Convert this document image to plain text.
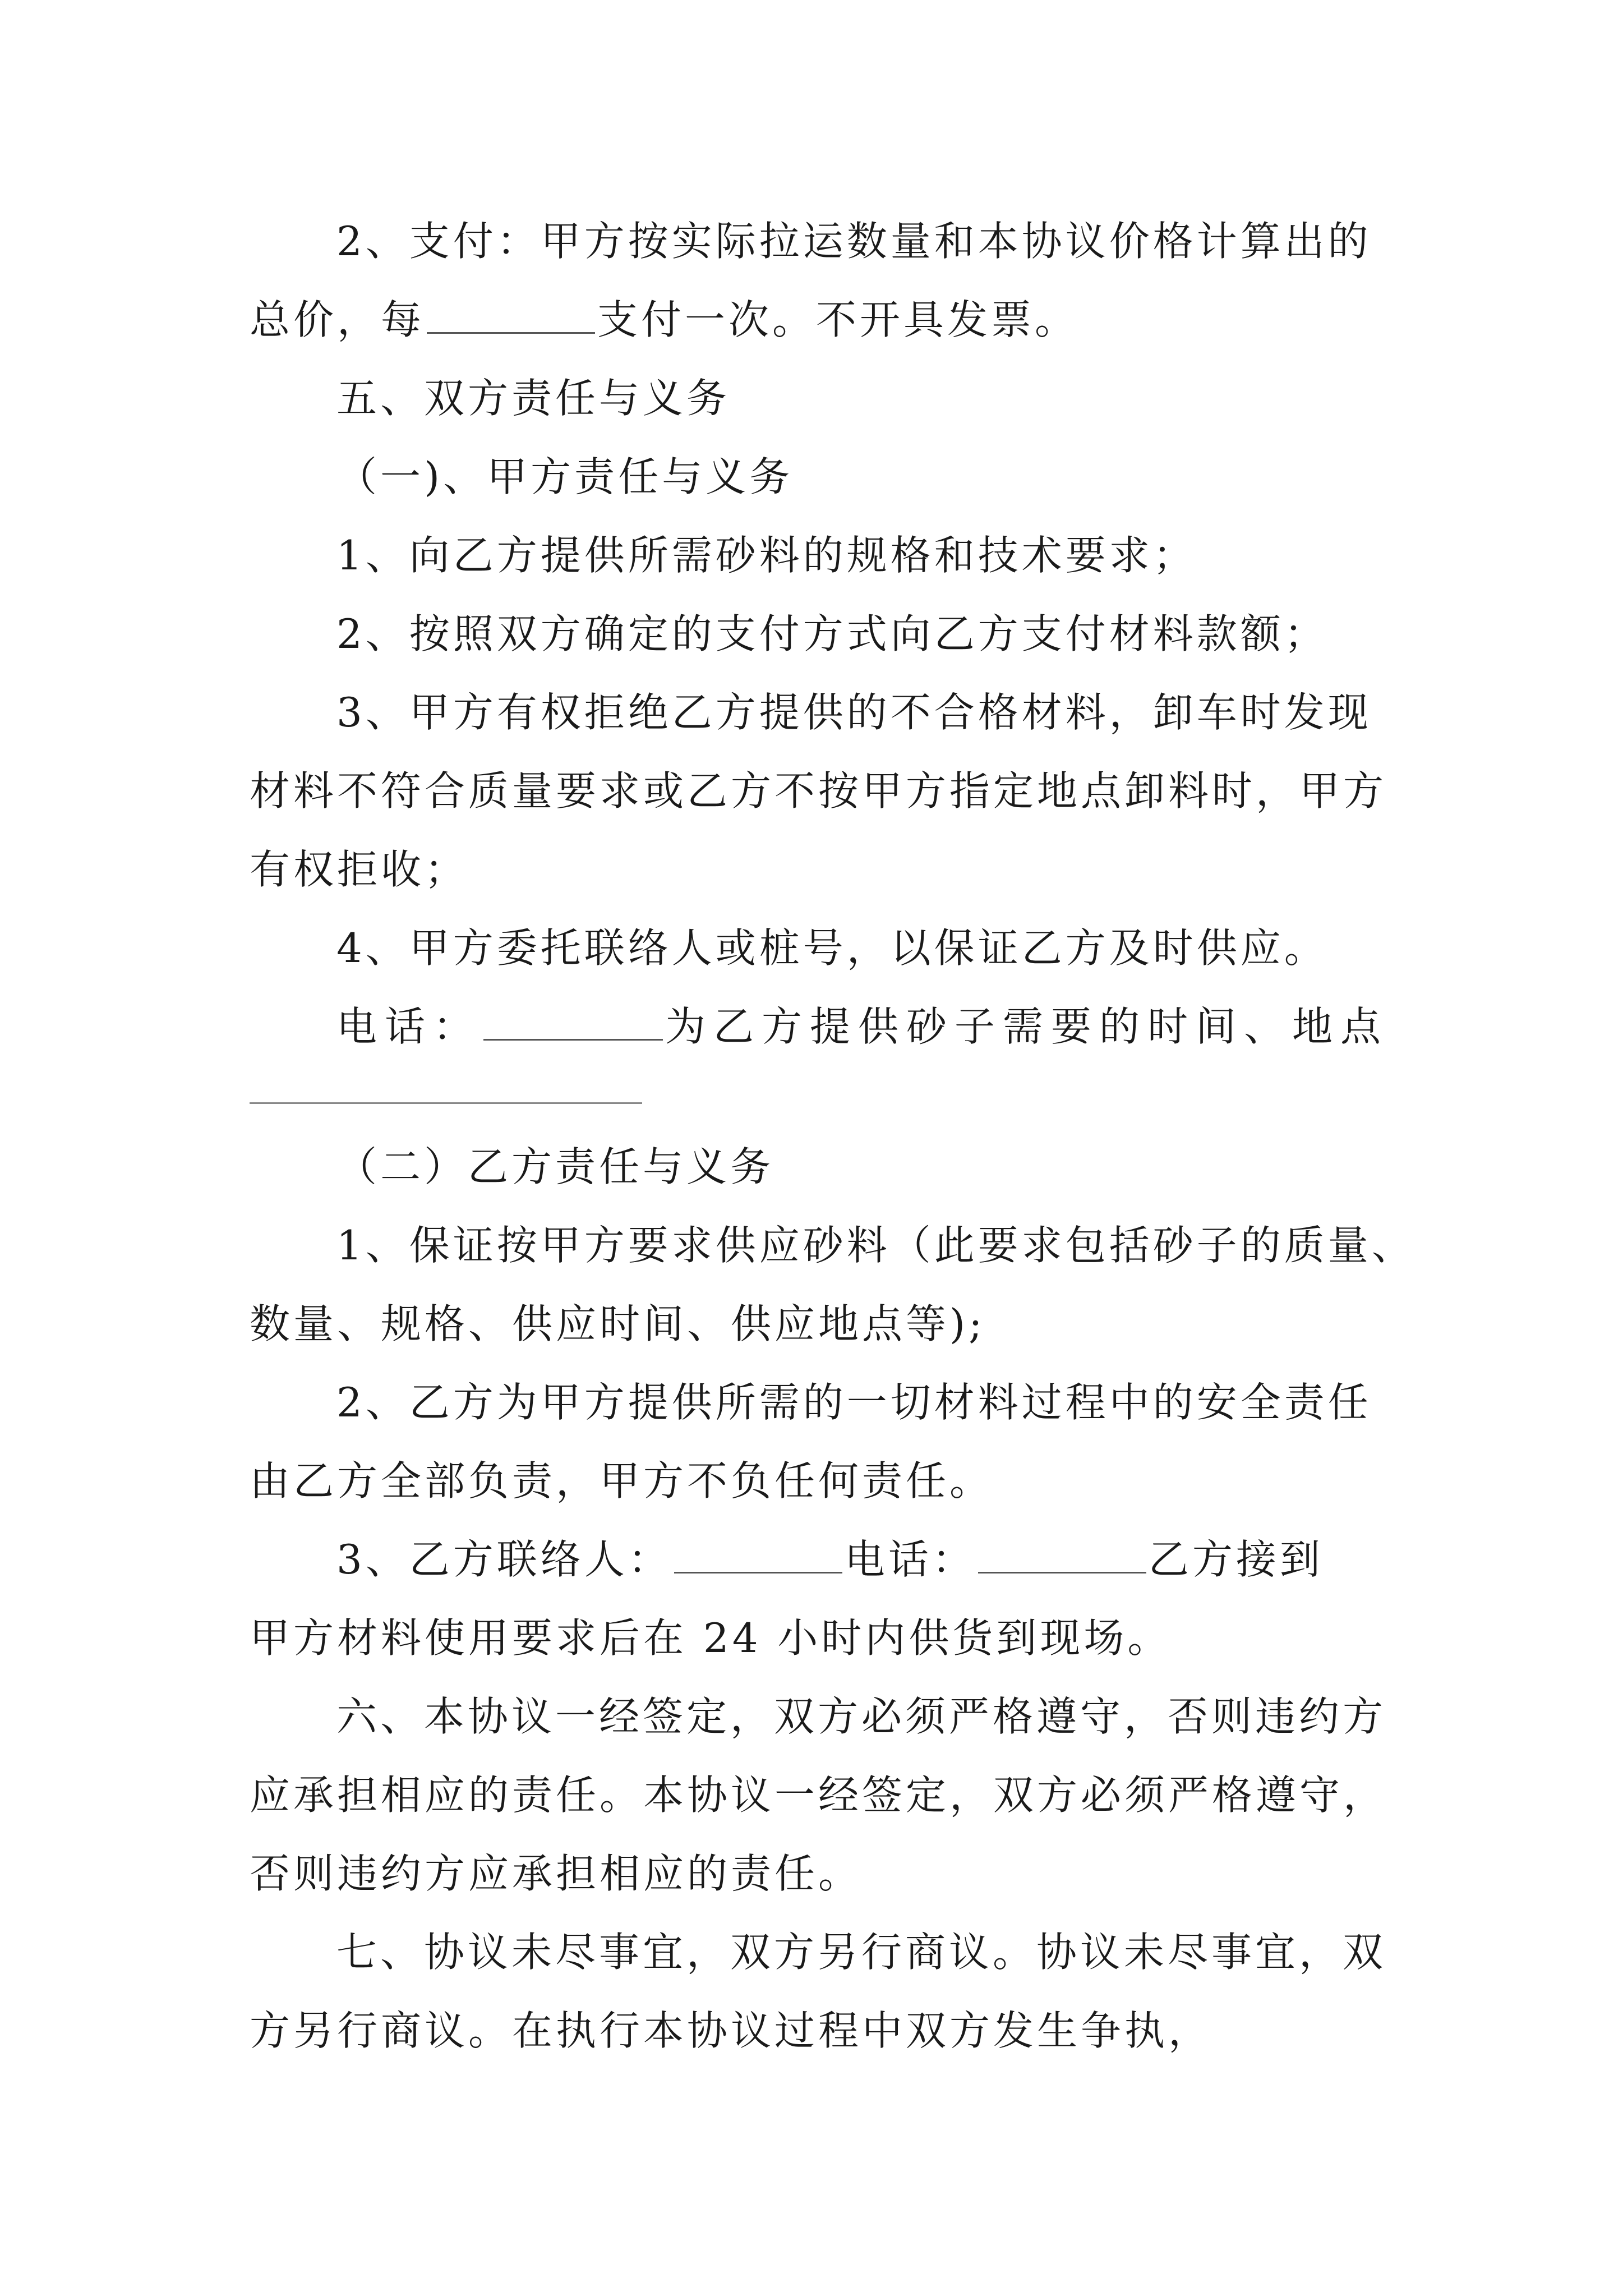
2、支付：甲方按实际拉运数量和本协议价格计算出的
总价，每	支付一次。不开具发票。
五、双方责任与义务
（一)、甲方责任与义务
1、向乙方提供所需砂料的规格和技术要求；
2、按照双方确定的支付方式向乙方支付材料款额；
3、甲方有权拒绝乙方提供的不合格材料，卸车时发现
材料不符合质量要求或乙方不按甲方指定地点卸料时，甲方
有权拒收；
4、甲方委托联络人或桩号，以保证乙方及时供应。
电话：	为乙方提供砂子需要的时间、地点
（二）乙方责任与义务
1、保证按甲方要求供应砂料（此要求包括砂子的质量、
数量、规格、供应时间、供应地点等);
2、乙方为甲方提供所需的一切材料过程中的安全责任
由乙方全部负责，甲方不负任何责任。
3、乙方联络人：	电话：	乙方接到
甲方材料使用要求后在 24 小时内供货到现场。
六、本协议一经签定，双方必须严格遵守，否则违约方
应承担相应的责任。本协议一经签定，双方必须严格遵守，
否则违约方应承担相应的责任。
七、协议未尽事宜，双方另行商议。协议未尽事宜，双
方另行商议。在执行本协议过程中双方发生争执，
